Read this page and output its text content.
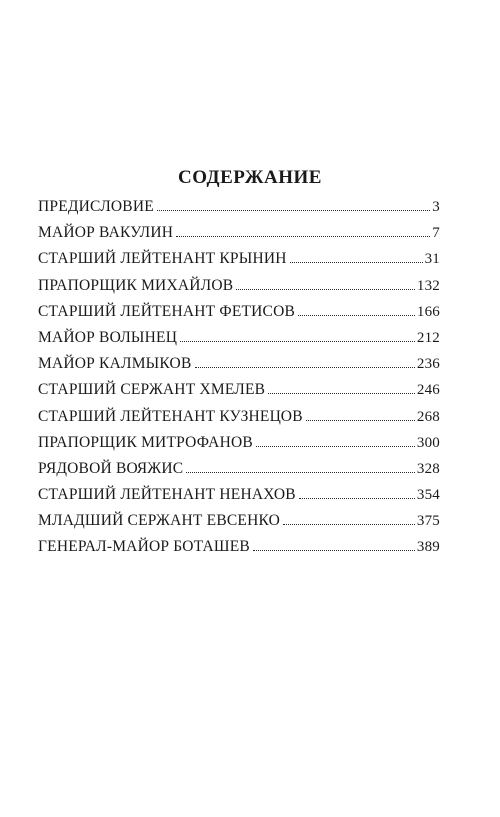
СОДЕРЖАНИЕ
ПРЕДИСЛОВИЕ	3
МАЙОР ВАКУЛИН	7
СТАРШИЙ ЛЕЙТЕНАНТ КРЫНИН	31
ПРАПОРЩИК МИХАЙЛОВ	132
СТАРШИЙ ЛЕЙТЕНАНТ ФЕТИСОВ	166
МАЙОР ВОЛЫНЕЦ	212
МАЙОР КАЛМЫКОВ	236
СТАРШИЙ СЕРЖАНТ ХМЕЛЕВ	246
СТАРШИЙ ЛЕЙТЕНАНТ КУЗНЕЦОВ	268
ПРАПОРЩИК МИТРОФАНОВ	300
РЯДОВОЙ ВОЯЖИС	328
СТАРШИЙ ЛЕЙТЕНАНТ НЕНАХОВ	354
МЛАДШИЙ СЕРЖАНТ ЕВСЕНКО	375
ГЕНЕРАЛ-МАЙОР БОТАШЕВ	389
